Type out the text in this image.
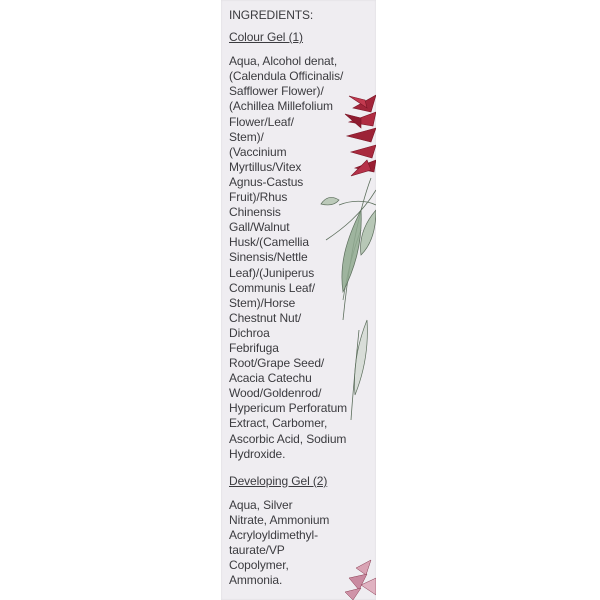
INGREDIENTS:
Colour Gel (1)
Aqua, Alcohol denat,
(Calendula Officinalis/
Safflower Flower)/
(Achillea Millefolium
Flower/Leaf/
Stem)/
(Vaccinium
Myrtillus/Vitex
Agnus-Castus
Fruit)/Rhus
Chinensis
Gall/Walnut
Husk/(Camellia
Sinensis/Nettle
Leaf)/(Juniperus
Communis Leaf/
Stem)/Horse
Chestnut Nut/
Dichroa
Febrifuga
Root/Grape Seed/
Acacia Catechu
Wood/Goldenrod/
Hypericum Perforatum
Extract, Carbomer,
Ascorbic Acid, Sodium
Hydroxide.
Developing Gel (2)
Aqua, Silver
Nitrate, Ammonium
Acryloyldimethyl-
taurate/VP
Copolymer,
Ammonia.
